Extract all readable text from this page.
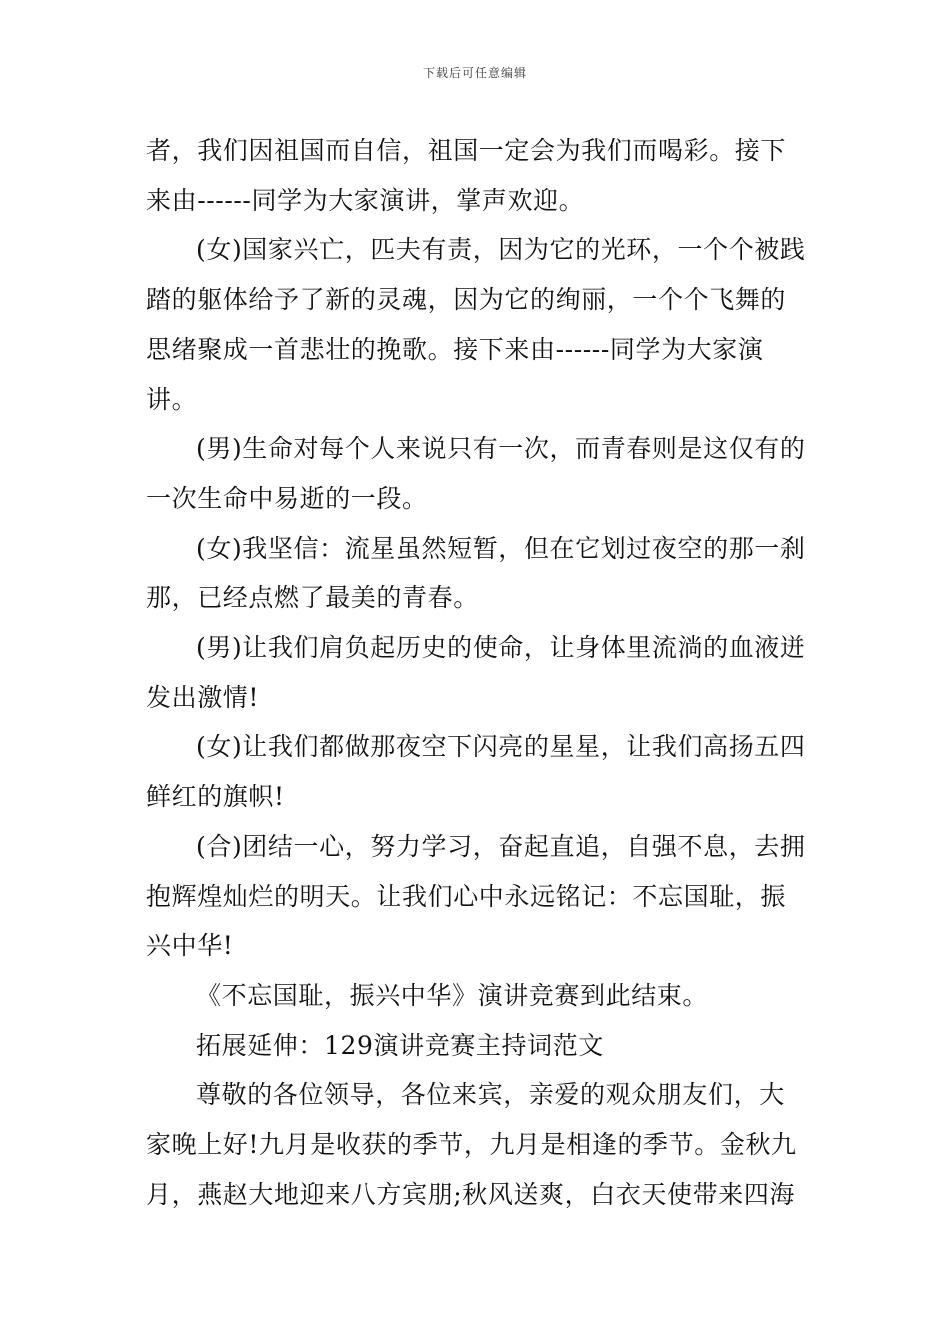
下载后可任意编辑

者，我们因祖国而自信，祖国一定会为我们而喝彩。接下来由------同学为大家演讲，掌声欢迎。

(女)国家兴亡，匹夫有责，因为它的光环，一个个被践踏的躯体给予了新的灵魂，因为它的绚丽，一个个飞舞的思绪聚成一首悲壮的挽歌。接下来由------同学为大家演讲。

(男)生命对每个人来说只有一次，而青春则是这仅有的一次生命中易逝的一段。

(女)我坚信：流星虽然短暂，但在它划过夜空的那一刹那，已经点燃了最美的青春。

(男)让我们肩负起历史的使命，让身体里流淌的血液迸发出激情!

(女)让我们都做那夜空下闪亮的星星，让我们高扬五四鲜红的旗帜!

(合)团结一心，努力学习，奋起直追，自强不息，去拥抱辉煌灿烂的明天。让我们心中永远铭记：不忘国耻，振兴中华!

《不忘国耻，振兴中华》演讲竞赛到此结束。

拓展延伸：129演讲竞赛主持词范文

尊敬的各位领导，各位来宾，亲爱的观众朋友们，大家晚上好!九月是收获的季节，九月是相逢的季节。金秋九月，燕赵大地迎来八方宾朋;秋风送爽，白衣天使带来四海
